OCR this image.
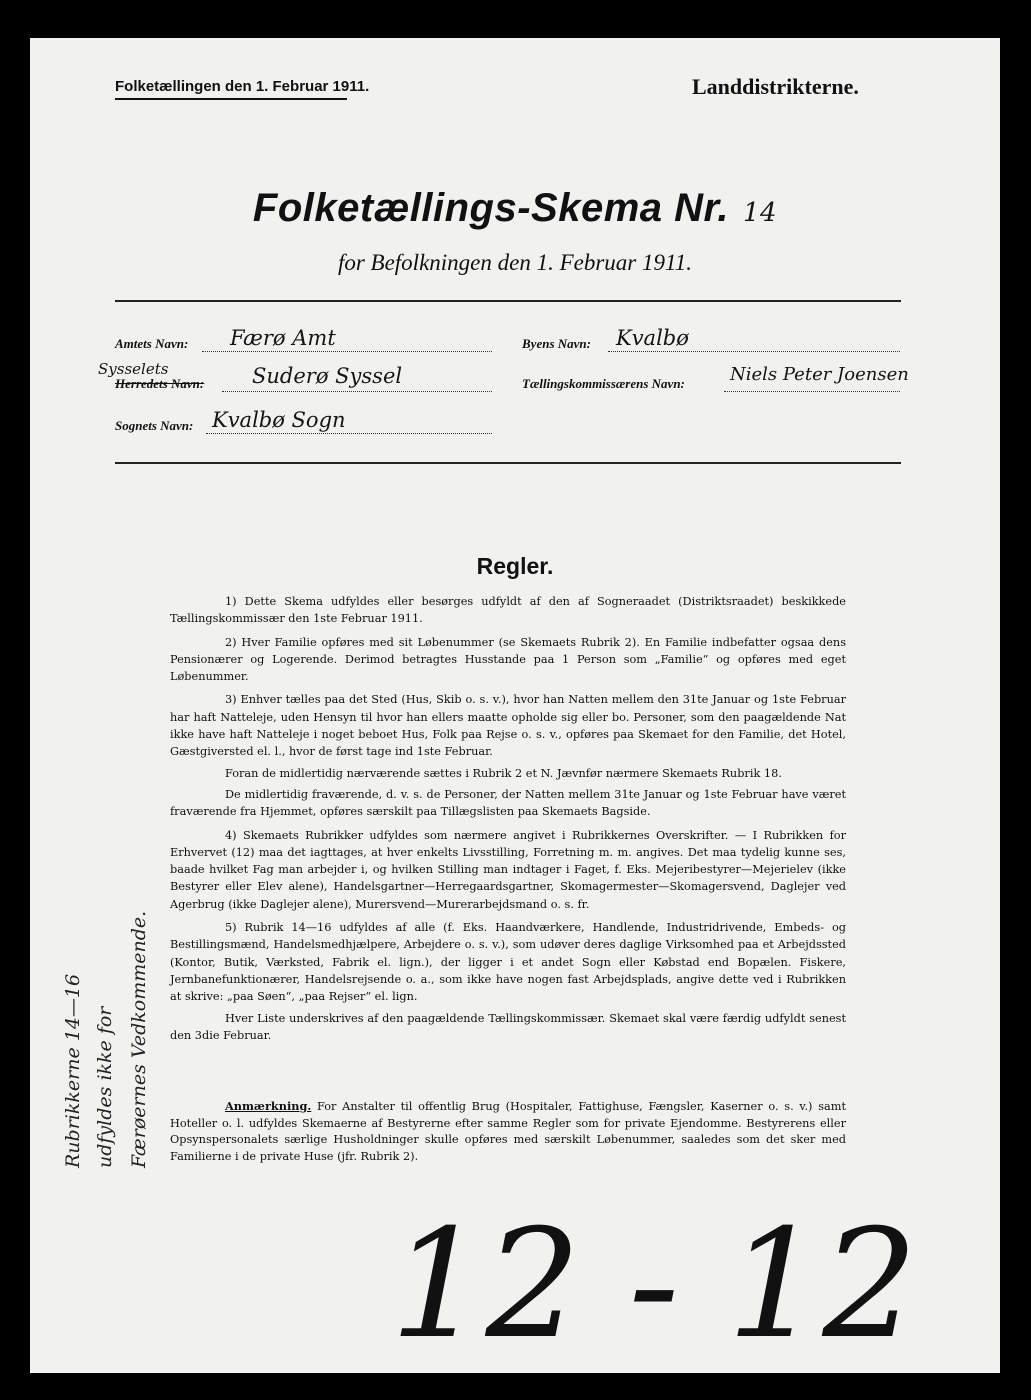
Folketællingen den 1. Februar 1911.	Landdistrikterne.
Folketællings-Skema Nr. 14
for Befolkningen den 1. Februar 1911.
Amtets Navn: Færø Amt
Sysselets
Herredets Navn: Suderø Syssel
Sognets Navn: Kvalbø Sogn
Byens Navn: Kvalbø
Tællingskommissærens Navn:	Niels Peter Joensen
Regler.

1) Dette Skema udfyldes eller besørges udfyldt af den af Sogneraadet (Distriktsraadet) beskikkede Tællingskommissær den 1ste Februar 1911.

2) Hver Familie opføres med sit Løbenummer (se Skemaets Rubrik 2). En Familie indbefatter ogsaa dens Pensionærer og Logerende. Derimod betragtes Husstande paa 1 Person som „Familie“ og opføres med eget Løbenummer.

3) Enhver tælles paa det Sted (Hus, Skib o. s. v.), hvor han Natten mellem den 31te Januar og 1ste Februar har haft Natteleje, uden Hensyn til hvor han ellers maatte opholde sig eller bo. Personer, som den paagældende Nat ikke have haft Natteleje i noget beboet Hus, Folk paa Rejse o. s. v., opføres paa Skemaet for den Familie, det Hotel, Gæstgiversted el. l., hvor de først tage ind 1ste Februar.

Foran de midlertidig nærværende sættes i Rubrik 2 et N. Jævnfør nærmere Skemaets Rubrik 18.

De midlertidig fraværende, d. v. s. de Personer, der Natten mellem 31te Januar og 1ste Februar have været fraværende fra Hjemmet, opføres særskilt paa Tillægslisten paa Skemaets Bagside.

4) Skemaets Rubrikker udfyldes som nærmere angivet i Rubrikkernes Overskrifter. — I Rubrikken for Erhvervet (12) maa det iagttages, at hver enkelts Livsstilling, Forretning m. m. angives. Det maa tydelig kunne ses, baade hvilket Fag man arbejder i, og hvilken Stilling man indtager i Faget, f. Eks. Mejeribestyrer—Mejerielev (ikke Bestyrer eller Elev alene), Handelsgartner—Herregaardsgartner, Skomagermester—Skomagersvend, Daglejer ved Agerbrug (ikke Daglejer alene), Murersvend—Murerarbejdsmand o. s. fr.

5) Rubrik 14—16 udfyldes af alle (f. Eks. Haandværkere, Handlende, Industridrivende, Embeds- og Bestillingsmænd, Handelsmedhjælpere, Arbejdere o. s. v.), som udøver deres daglige Virksomhed paa et Arbejdssted (Kontor, Butik, Værksted, Fabrik el. lign.), der ligger i et andet Sogn eller Købstad end Bopælen. Fiskere, Jernbanefunktionærer, Handelsrejsende o. a., som ikke have nogen fast Arbejdsplads, angive dette ved i Rubrikken at skrive: „paa Søen“, „paa Rejser“ el. lign.

Hver Liste underskrives af den paagældende Tællingskommissær. Skemaet skal være færdig udfyldt senest den 3die Februar.

Anmærkning. For Anstalter til offentlig Brug (Hospitaler, Fattighuse, Fængsler, Kaserner o. s. v.) samt Hoteller o. l. udfyldes Skemaerne af Bestyrerne efter samme Regler som for private Ejendomme. Bestyrerens eller Opsynspersonalets særlige Husholdninger skulle opføres med særskilt Løbenummer, saaledes som det sker med Familierne i de private Huse (jfr. Rubrik 2).

Rubrikkerne 14—16 udfyldes ikke for Færøernes Vedkommende.
12 - 12
